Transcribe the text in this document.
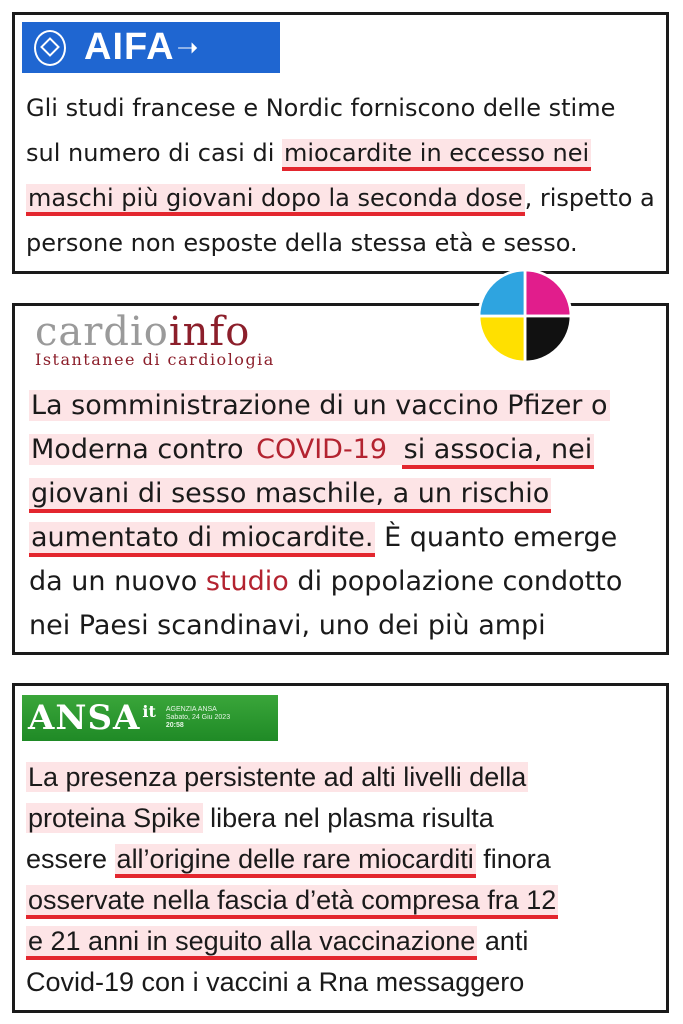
AIFA ➝
Gli studi francese e Nordic forniscono delle stime
sul numero di casi di miocardite in eccesso nei
maschi più giovani dopo la seconda dose, rispetto a
persone non esposte della stessa età e sesso.
cardioinfo
Istantanee di cardiologia
La somministrazione di un vaccino Pfizer o
Moderna contro COVID-19 si associa, nei
giovani di sesso maschile, a un rischio
aumentato di miocardite. È quanto emerge
da un nuovo studio di popolazione condotto
nei Paesi scandinavi, uno dei più ampi
ANSA it AGENZIA ANSA
Sabato, 24 Giu 2023
20:58
La presenza persistente ad alti livelli della
proteina Spike libera nel plasma risulta
essere all’origine delle rare miocarditi finora
osservate nella fascia d’età compresa fra 12
e 21 anni in seguito alla vaccinazione anti
Covid-19 con i vaccini a Rna messaggero
